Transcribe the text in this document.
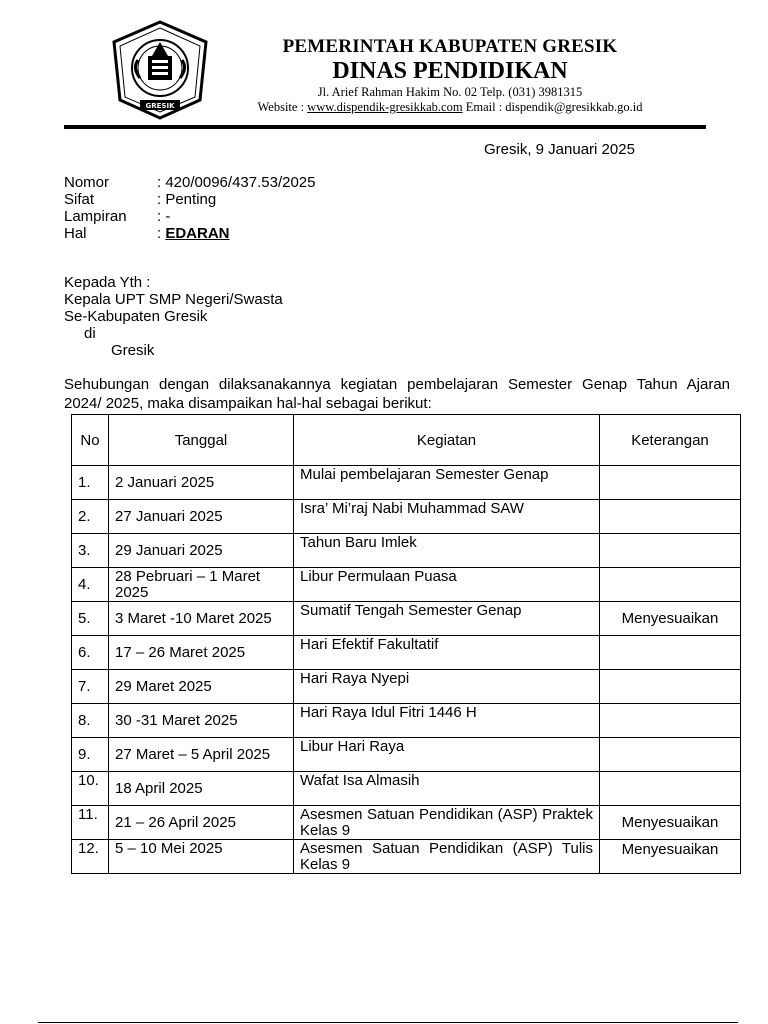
GRESIK
PEMERINTAH KABUPATEN GRESIK
DINAS PENDIDIKAN
Jl. Arief Rahman Hakim No. 02 Telp. (031) 3981315
Website : www.dispendik-gresikkab.com Email : dispendik@gresikkab.go.id
Gresik, 9 Januari 2025
Nomor	: 420/0096/437.53/2025
Sifat	: Penting
Lampiran : -
Hal	: EDARAN
Kepada Yth :
Kepala UPT SMP Negeri/Swasta
Se-Kabupaten Gresik
di
Gresik
Sehubungan dengan dilaksanakannya kegiatan pembelajaran Semester Genap Tahun Ajaran
2024/ 2025, maka disampaikan hal-hal sebagai berikut:
No	Tanggal	Kegiatan	Keterangan
1.	2 Januari 2025	Mulai pembelajaran Semester Genap	
2.	27 Januari 2025	Isra’ Mi’raj Nabi Muhammad SAW	
3.	29 Januari 2025	Tahun Baru Imlek	
4.	28 Pebruari – 1 Maret 2025	Libur Permulaan Puasa	
5.	3 Maret -10 Maret 2025	Sumatif Tengah Semester Genap	Menyesuaikan
6.	17 – 26 Maret 2025	Hari Efektif Fakultatif	
7.	29 Maret 2025	Hari Raya Nyepi	
8.	30 -31 Maret 2025	Hari Raya Idul Fitri 1446 H	
9.	27 Maret – 5 April 2025	Libur Hari Raya	
10.	18 April 2025	Wafat Isa Almasih	
11.	21 – 26 April 2025	Asesmen Satuan Pendidikan (ASP) Praktek Kelas 9	Menyesuaikan
12.	5 – 10 Mei 2025	Asesmen Satuan Pendidikan (ASP) Tulis Kelas 9	Menyesuaikan
